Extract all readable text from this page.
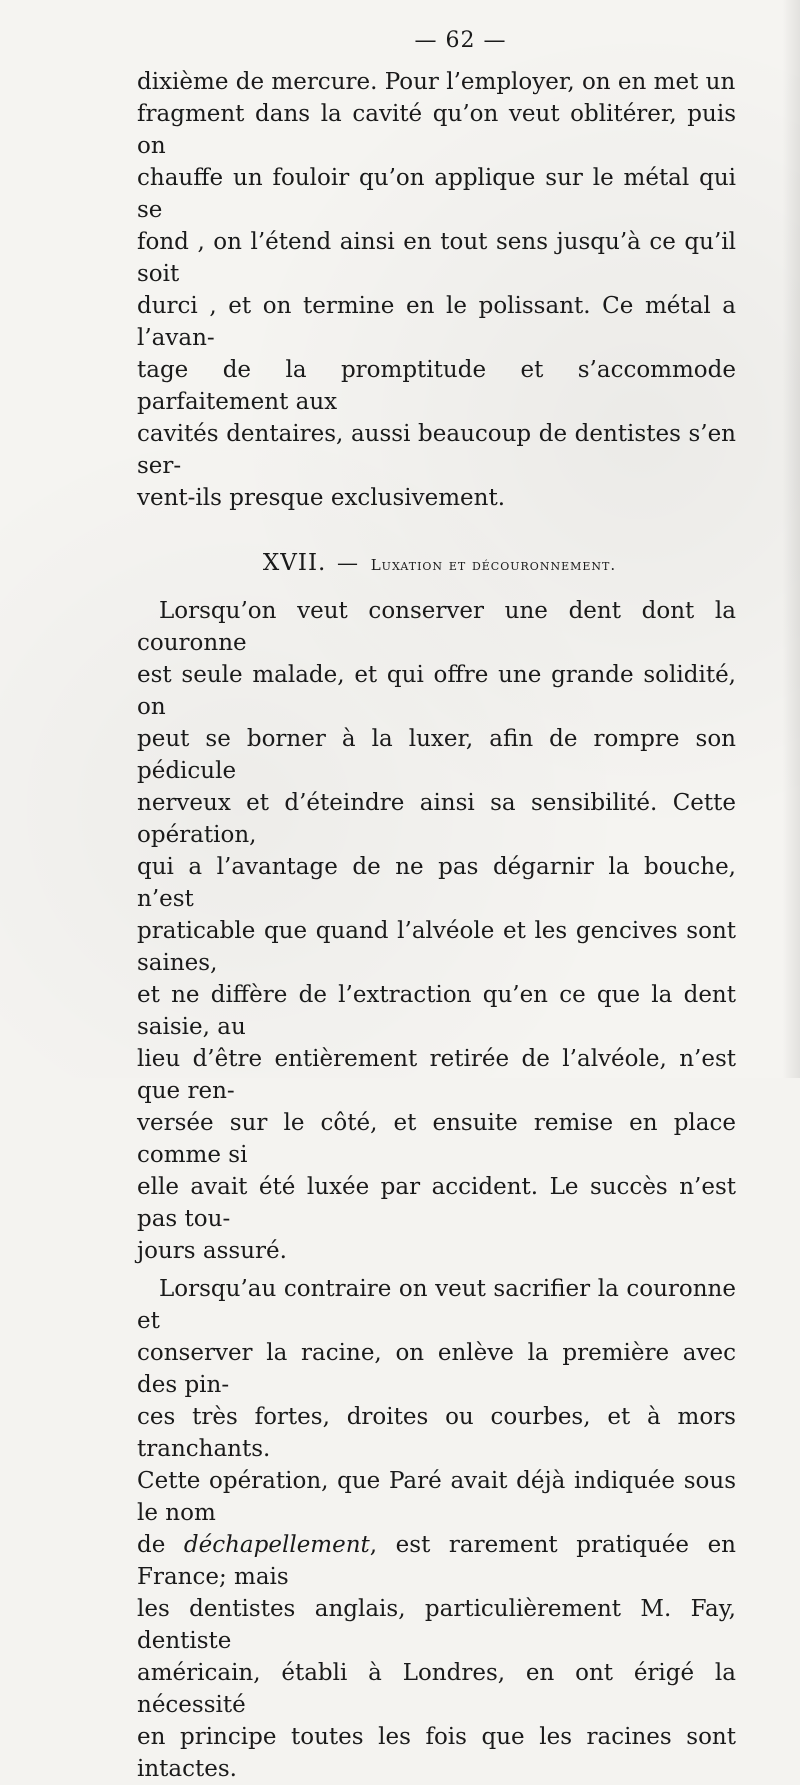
— 62 —

dixième de mercure. Pour l’employer, on en met un

fragment dans la cavité qu’on veut oblitérer, puis on

chauffe un fouloir qu’on applique sur le métal qui se

fond , on l’étend ainsi en tout sens jusqu’à ce qu’il soit

durci , et on termine en le polissant. Ce métal a l’avan-

tage de la promptitude et s’accommode parfaitement aux

cavités dentaires, aussi beaucoup de dentistes s’en ser-

vent-ils presque exclusivement.

XVII. — Luxation et découronnement.

Lorsqu’on veut conserver une dent dont la couronne

est seule malade, et qui offre une grande solidité, on

peut se borner à la luxer, afin de rompre son pédicule

nerveux et d’éteindre ainsi sa sensibilité. Cette opération,

qui a l’avantage de ne pas dégarnir la bouche, n’est

praticable que quand l’alvéole et les gencives sont saines,

et ne diffère de l’extraction qu’en ce que la dent saisie, au

lieu d’être entièrement retirée de l’alvéole, n’est que ren-

versée sur le côté, et ensuite remise en place comme si

elle avait été luxée par accident. Le succès n’est pas tou-

jours assuré.

Lorsqu’au contraire on veut sacrifier la couronne et

conserver la racine, on enlève la première avec des pin-

ces très fortes, droites ou courbes, et à mors tranchants.

Cette opération, que Paré avait déjà indiquée sous le nom

de déchapellement, est rarement pratiquée en France; mais

les dentistes anglais, particulièrement M. Fay, dentiste

américain, établi à Londres, en ont érigé la nécessité

en principe toutes les fois que les racines sont intactes.
